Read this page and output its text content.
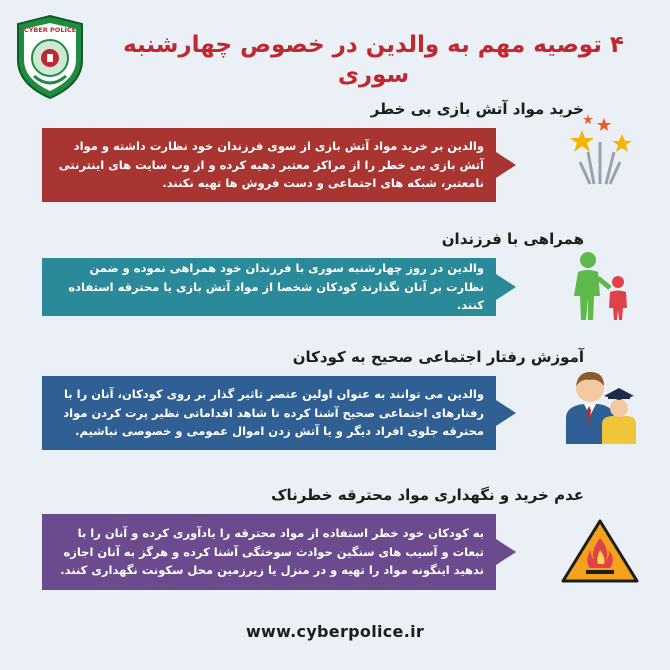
CYBER POLICE
۴ توصیه مهم به والدین در خصوص چهارشنبه سوری
خرید مواد آتش بازی بی خطر
والدین بر خرید مواد آتش بازی از سوی فرزندان خود نظارت داشته و مواد آتش بازی بی خطر را از مراکز معتبر دهیه کرده و از وب سایت های اینترنتی نامعتبر، شبکه های اجتماعی و دست فروش ها تهیه نکنند.
همراهی با فرزندان
والدین در روز چهارشنبه سوری با فرزندان خود همراهی نموده و ضمن نظارت بر آنان نگذارند کودکان شخصا از مواد آتش بازی یا محترقه استفاده کنند.
آموزش رفتار اجتماعی صحیح به کودکان
والدین می توانند به عنوان اولین عنصر تاثیر گذار بر روی کودکان، آنان را با رفتارهای اجتماعی صحیح آشنا کرده تا شاهد اقداماتی نظیر پرت کردن مواد محترقه جلوی افراد دیگر و یا آتش زدن اموال عمومی و خصوصی نباشیم.
عدم خرید و نگهداری مواد محترقه خطرناک
به کودکان خود خطر استفاده از مواد محترقه را یادآوری کرده و آنان را با تبعات و آسیب های سنگین حوادث سوختگی آشنا کرده و هرگز به آنان اجازه ندهید اینگونه مواد را تهیه و در منزل یا زیرزمین محل سکونت نگهداری کنند.
www.cyberpolice.ir
